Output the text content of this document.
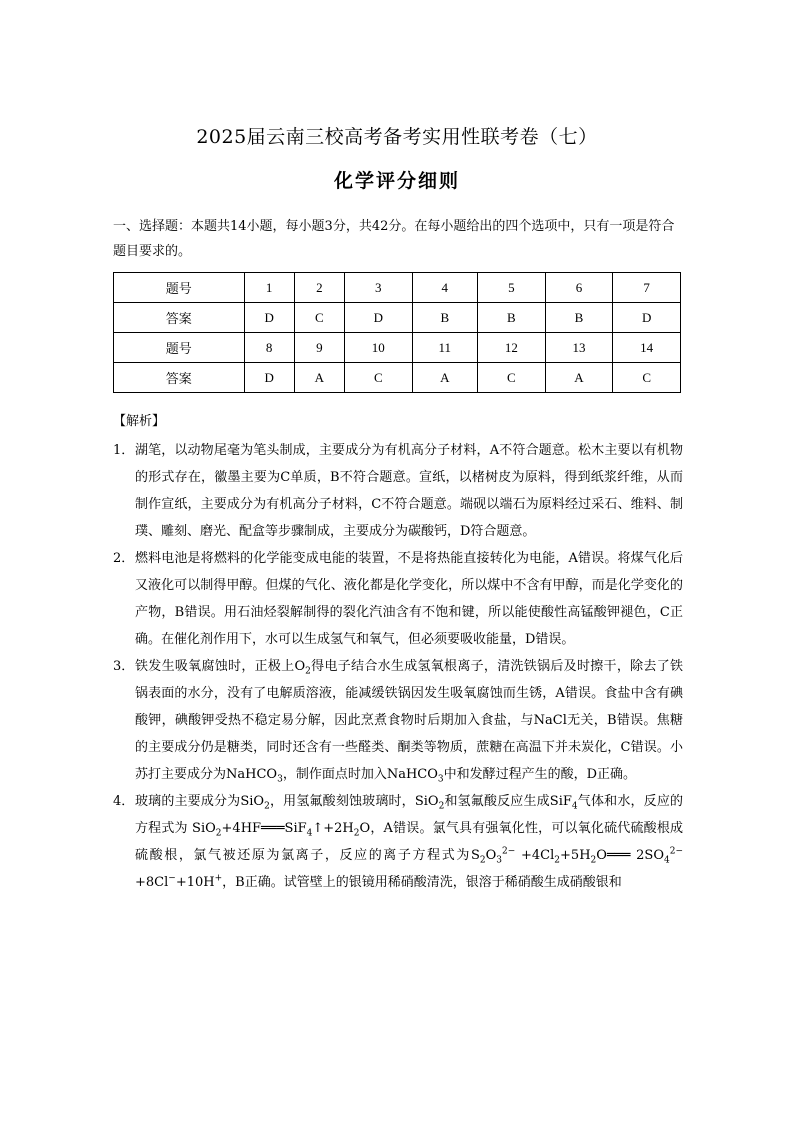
2025届云南三校高考备考实用性联考卷（七）
化学评分细则
一、选择题：本题共14小题，每小题3分，共42分。在每小题给出的四个选项中，只有一项是符合题目要求的。
题号	1	2	3	4	5	6	7
答案	D	C	D	B	B	B	D
题号	8	9	10	11	12	13	14
答案	D	A	C	A	C	A	C
【解析】
1． 湖笔，以动物尾毫为笔头制成，主要成分为有机高分子材料，A不符合题意。松木主要以有机物的形式存在，徽墨主要为C单质，B不符合题意。宣纸，以楮树皮为原料，得到纸浆纤维，从而制作宣纸，主要成分为有机高分子材料，C不符合题意。端砚以端石为原料经过采石、维料、制璞、雕刻、磨光、配盒等步骤制成，主要成分为碳酸钙，D符合题意。
2． 燃料电池是将燃料的化学能变成电能的装置，不是将热能直接转化为电能，A错误。将煤气化后又液化可以制得甲醇。但煤的气化、液化都是化学变化，所以煤中不含有甲醇，而是化学变化的产物，B错误。用石油烃裂解制得的裂化汽油含有不饱和键，所以能使酸性高锰酸钾褪色，C正确。在催化剂作用下，水可以生成氢气和氧气，但必须要吸收能量，D错误。
3． 铁发生吸氧腐蚀时，正极上$O_2$得电子结合水生成氢氧根离子，清洗铁锅后及时擦干，除去了铁锅表面的水分，没有了电解质溶液，能减缓铁锅因发生吸氧腐蚀而生锈，A错误。食盐中含有碘酸钾，碘酸钾受热不稳定易分解，因此烹煮食物时后期加入食盐，与NaCl无关，B错误。焦糖的主要成分仍是糖类，同时还含有一些醛类、酮类等物质，蔗糖在高温下并未炭化，C错误。小苏打主要成分为NaHCO$_3$，制作面点时加入NaHCO$_3$中和发酵过程产生的酸，D正确。
4． 玻璃的主要成分为SiO$_2$，用氢氟酸刻蚀玻璃时，SiO$_2$和氢氟酸反应生成SiF$_4$气体和水，反应的方程式为 $SiO_2+4HF═══SiF_4↑+2H_2O$，A错误。氯气具有强氧化性，可以氧化硫代硫酸根成硫酸根，氯气被还原为氯离子，反应的离子方程式为$S_2O_3^{2-}$ $+4Cl_2+5H_2O═══$ $2SO_4^{2-} +8Cl^-+10H^+$，B正确。试管壁上的银镜用稀硝酸清洗，银溶于稀硝酸生成硝酸银和
